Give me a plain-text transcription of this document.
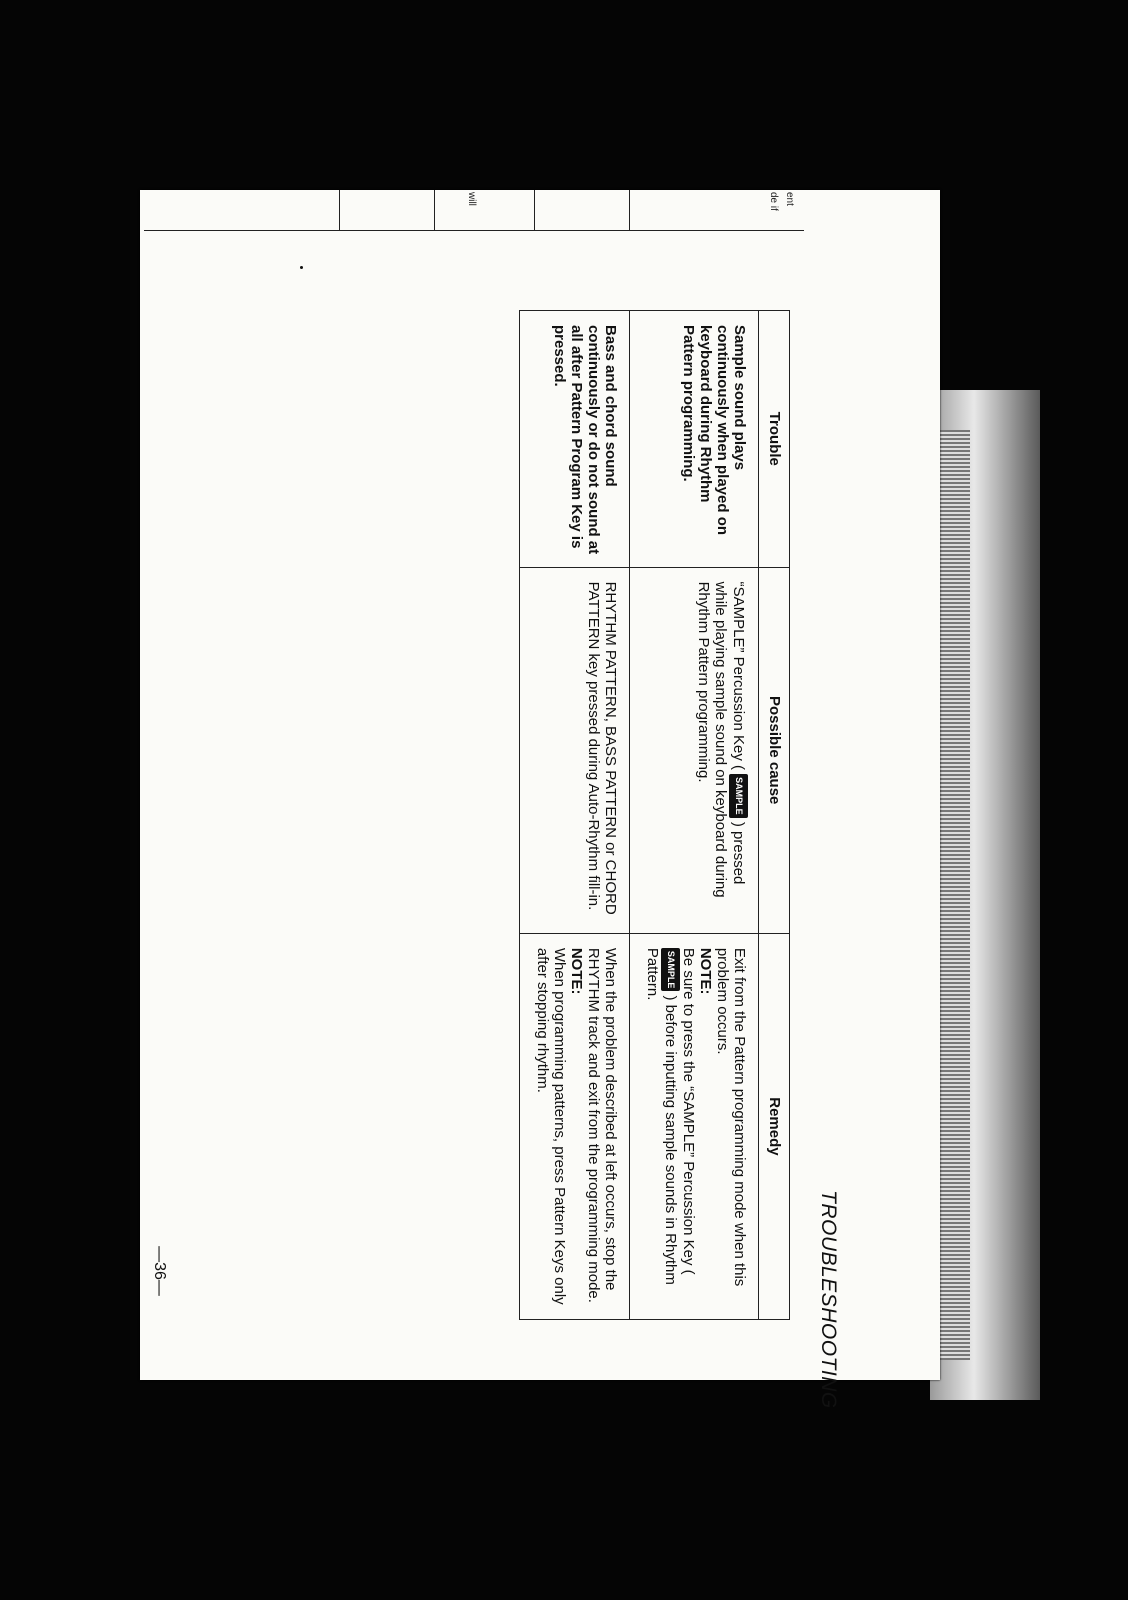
ent
de if
will
TROUBLESHOOTING
Trouble	Possible cause	Remedy
Sample sound plays continuously when played on keyboard during Rhythm Pattern programming.	“SAMPLE” Percussion Key ( SAMPLE ) pressed while playing sample sound on keyboard during Rhythm Pattern programming.	Exit from the Pattern programming mode when this problem occurs.
NOTE:
Be sure to press the “SAMPLE” Percussion Key ( SAMPLE ) before inputting sample sounds in Rhythm Pattern.
Bass and chord sound continuously or do not sound at all after Pattern Program Key is pressed.	RHYTHM PATTERN, BASS PATTERN or CHORD PATTERN key pressed during Auto-Rhythm fill-in.	When the problem described at left occurs, stop the RHYTHM track and exit from the programming mode.
NOTE:
When programming patterns, press Pattern Keys only after stopping rhythm.
—36—
